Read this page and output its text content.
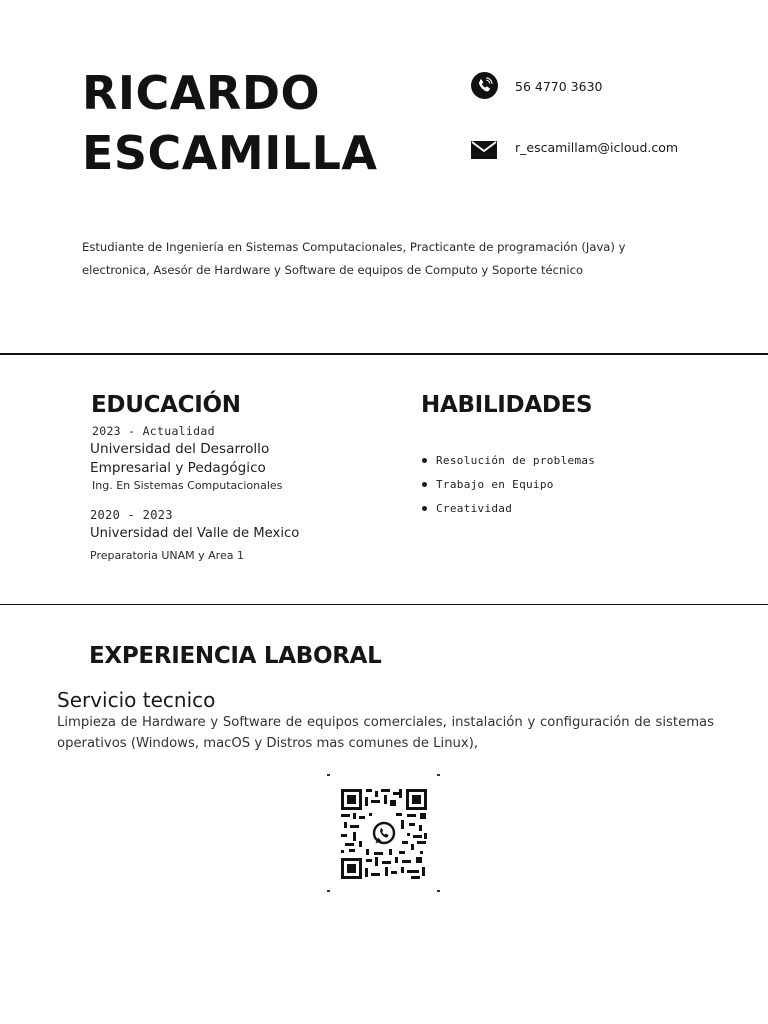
RICARDO
ESCAMILLA
56 4770 3630
r_escamillam@icloud.com
Estudiante de Ingeniería en Sistemas Computacionales, Practicante de programación (Java) y electronica, Asesór de Hardware y Software de equipos de Computo y Soporte técnico
EDUCACIÓN
2023 - Actualidad
Universidad del Desarrollo Empresarial y Pedagógico
Ing. En Sistemas Computacionales
2020 - 2023
Universidad del Valle de Mexico
Preparatoria UNAM y Area 1
HABILIDADES
Resolución de problemas
Trabajo en Equipo
Creatividad
EXPERIENCIA LABORAL
Servicio tecnico
Limpieza de Hardware y Software de equipos comerciales, instalación y configuración de sistemas operativos (Windows, macOS y Distros mas comunes de Linux),
